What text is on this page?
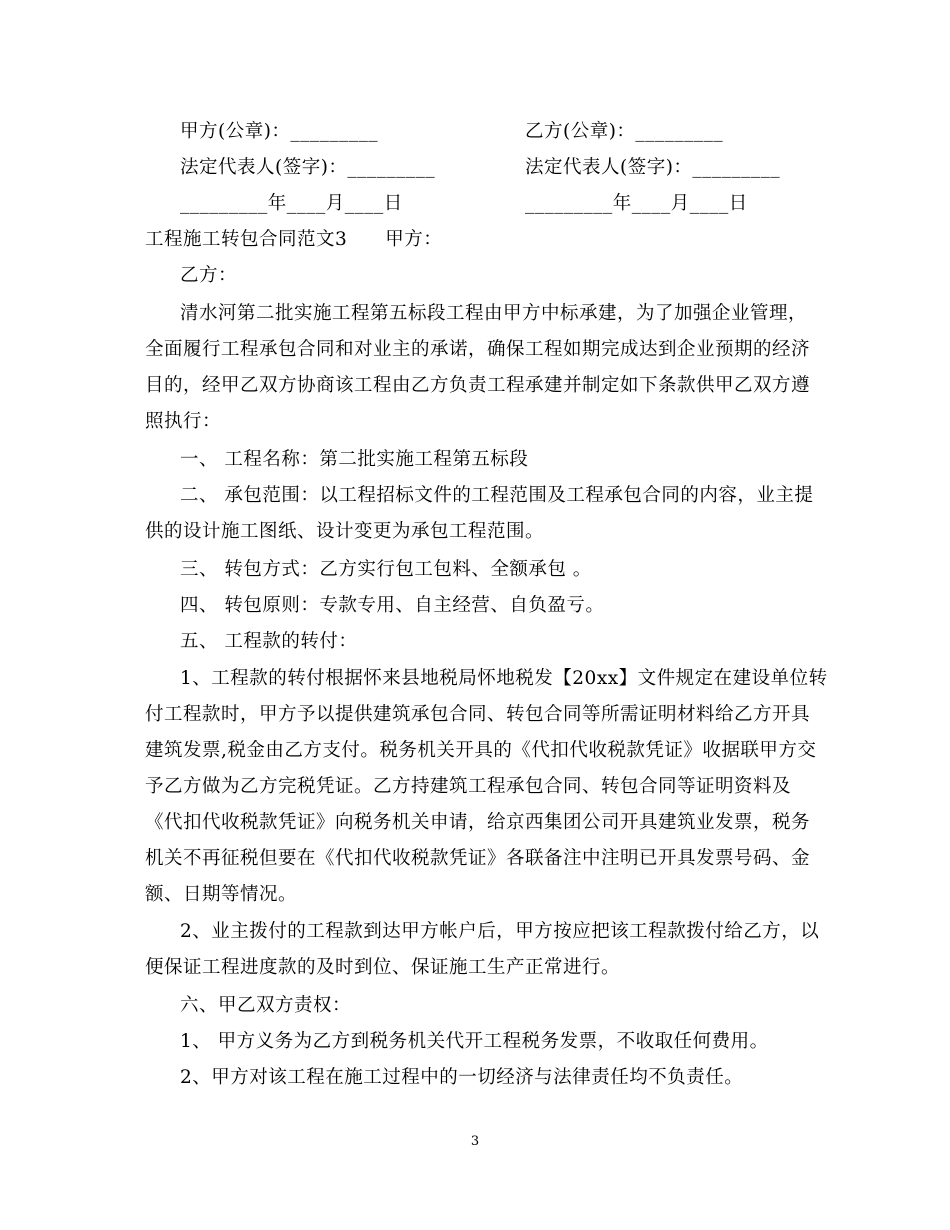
甲方(公章)：_________	乙方(公章)：_________
法定代表人(签字)：_________	法定代表人(签字)：_________
_________年____月____日	_________年____月____日
工程施工转包合同范文3　　甲方：
乙方：
清水河第二批实施工程第五标段工程由甲方中标承建，为了加强企业管理，
全面履行工程承包合同和对业主的承诺，确保工程如期完成达到企业预期的经济
目的，经甲乙双方协商该工程由乙方负责工程承建并制定如下条款供甲乙双方遵
照执行：
一、 工程名称：第二批实施工程第五标段
二、 承包范围：以工程招标文件的工程范围及工程承包合同的内容，业主提
供的设计施工图纸、设计变更为承包工程范围。
三、 转包方式：乙方实行包工包料、全额承包 。
四、 转包原则：专款专用、自主经营、自负盈亏。
五、 工程款的转付：
1、工程款的转付根据怀来县地税局怀地税发【20xx】文件规定在建设单位转
付工程款时，甲方予以提供建筑承包合同、转包合同等所需证明材料给乙方开具
建筑发票,税金由乙方支付。税务机关开具的《代扣代收税款凭证》收据联甲方交
予乙方做为乙方完税凭证。乙方持建筑工程承包合同、转包合同等证明资料及
《代扣代收税款凭证》向税务机关申请，给京西集团公司开具建筑业发票，税务
机关不再征税但要在《代扣代收税款凭证》各联备注中注明已开具发票号码、金
额、日期等情况。
2、业主拨付的工程款到达甲方帐户后，甲方按应把该工程款拨付给乙方，以
便保证工程进度款的及时到位、保证施工生产正常进行。
六、甲乙双方责权：
1、 甲方义务为乙方到税务机关代开工程税务发票，不收取任何费用。
2、甲方对该工程在施工过程中的一切经济与法律责任均不负责任。
3
